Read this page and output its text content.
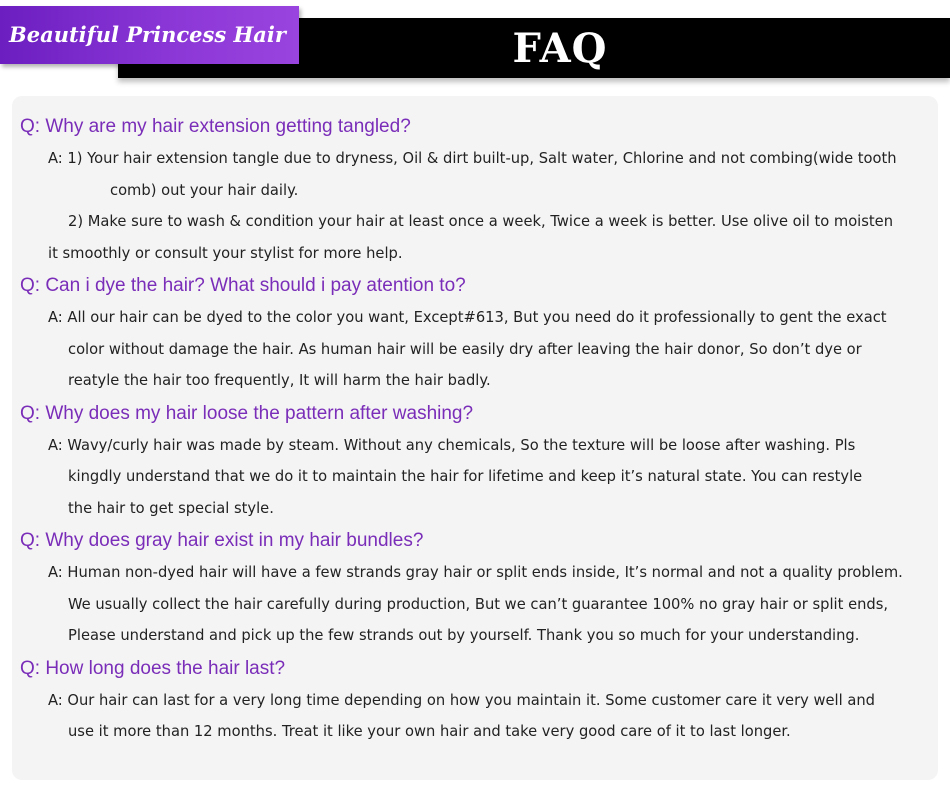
FAQ
Beautiful Princess Hair

Q: Why are my hair extension getting tangled?

A: 1) Your hair extension tangle due to dryness, Oil & dirt built-up, Salt water, Chlorine and not combing(wide tooth

comb) out your hair daily.

2) Make sure to wash & condition your hair at least once a week, Twice a week is better. Use olive oil to moisten

it smoothly or consult your stylist for more help.

Q: Can i dye the hair? What should i pay atention to?

A: All our hair can be dyed to the color you want, Except#613, But you need do it professionally to gent the exact

color without damage the hair. As human hair will be easily dry after leaving the hair donor, So don’t dye or

reatyle the hair too frequently, It will harm the hair badly.

Q: Why does my hair loose the pattern after washing?

A: Wavy/curly hair was made by steam. Without any chemicals, So the texture will be loose after washing. Pls

kingdly understand that we do it to maintain the hair for lifetime and keep it’s natural state. You can restyle

the hair to get special style.

Q: Why does gray hair exist in my hair bundles?

A: Human non-dyed hair will have a few strands gray hair or split ends inside, It’s normal and not a quality problem.

We usually collect the hair carefully during production, But we can’t guarantee 100% no gray hair or split ends,

Please understand and pick up the few strands out by yourself. Thank you so much for your understanding.

Q: How long does the hair last?

A: Our hair can last for a very long time depending on how you maintain it. Some customer care it very well and

use it more than 12 months. Treat it like your own hair and take very good care of it to last longer.
